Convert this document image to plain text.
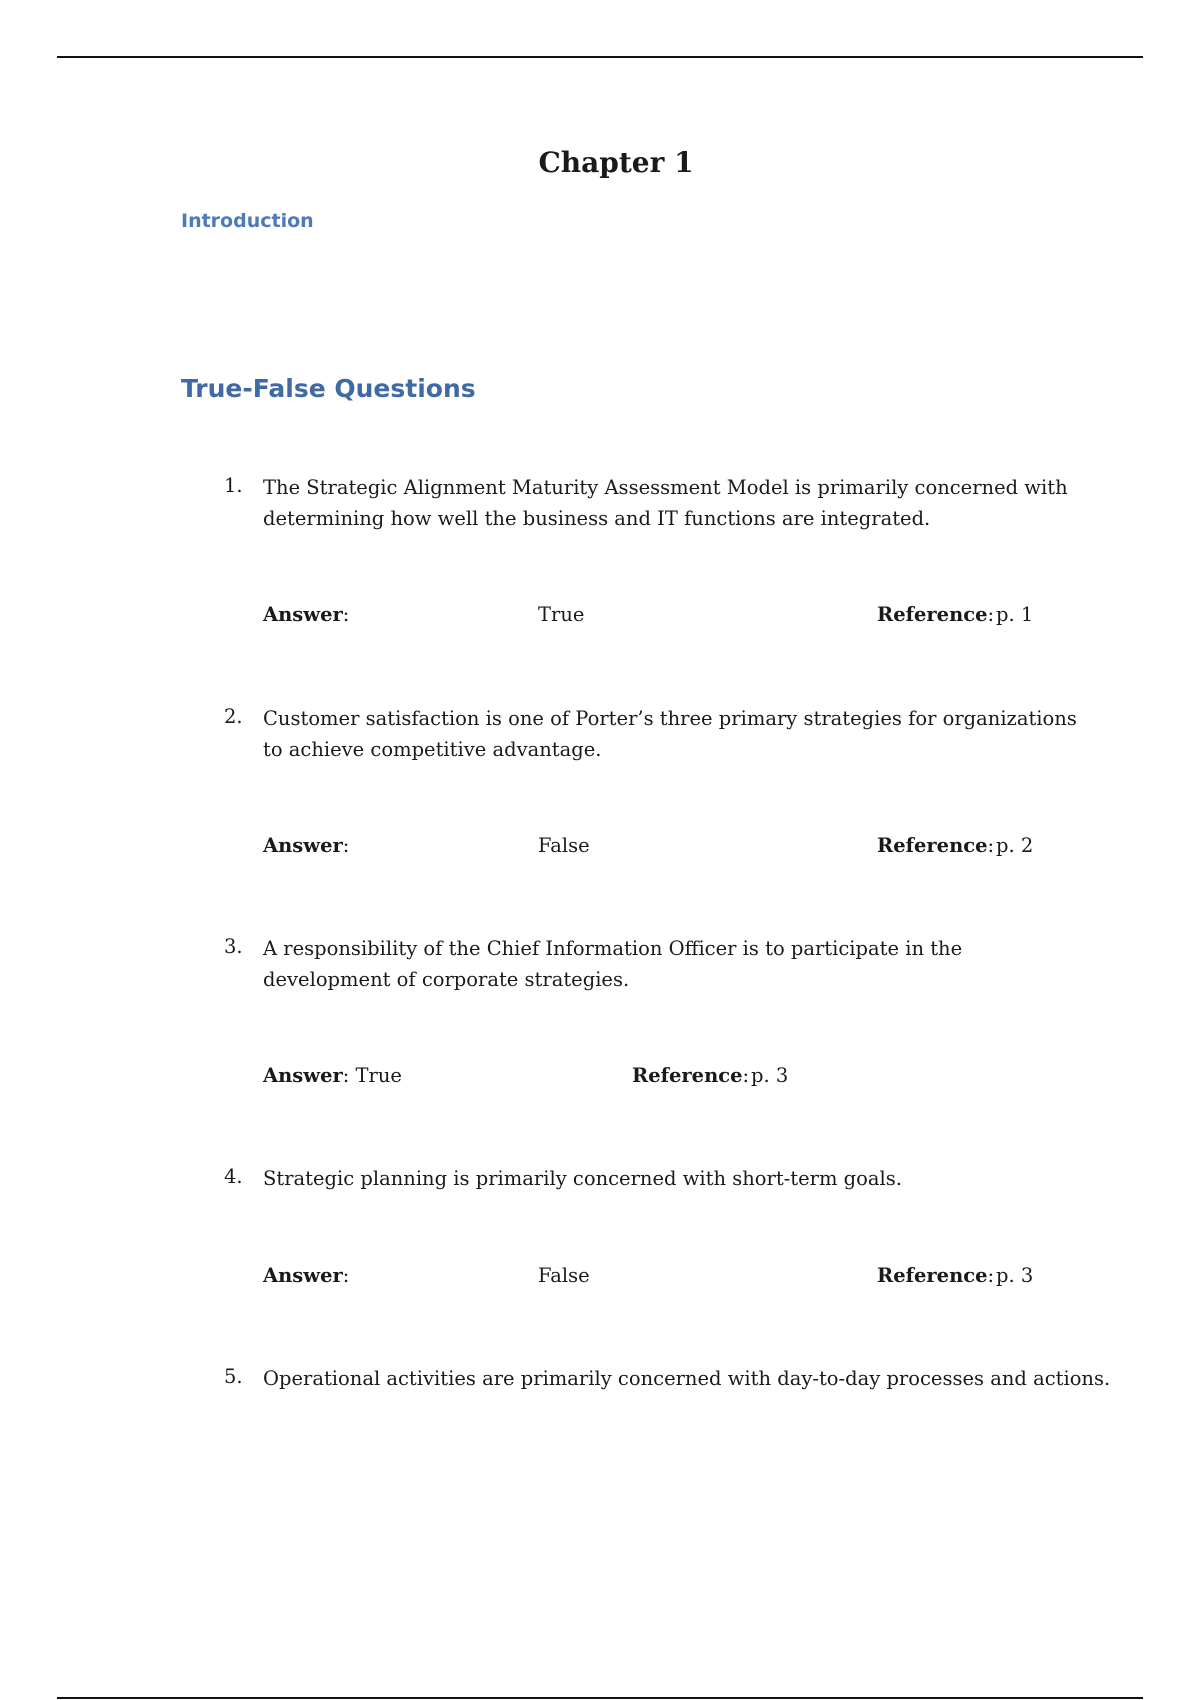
Chapter 1
Introduction
True-False Questions
1. The Strategic Alignment Maturity Assessment Model is primarily concerned with determining how well the business and IT functions are integrated.
Answer:	True	Reference: p. 1
2. Customer satisfaction is one of Porter’s three primary strategies for organizations to achieve competitive advantage.
Answer:	False	Reference: p. 2
3. A responsibility of the Chief Information Officer is to participate in the development of corporate strategies.
Answer: True	Reference: p. 3
4. Strategic planning is primarily concerned with short-term goals.
Answer:	False	Reference: p. 3
5. Operational activities are primarily concerned with day-to-day processes and actions.
